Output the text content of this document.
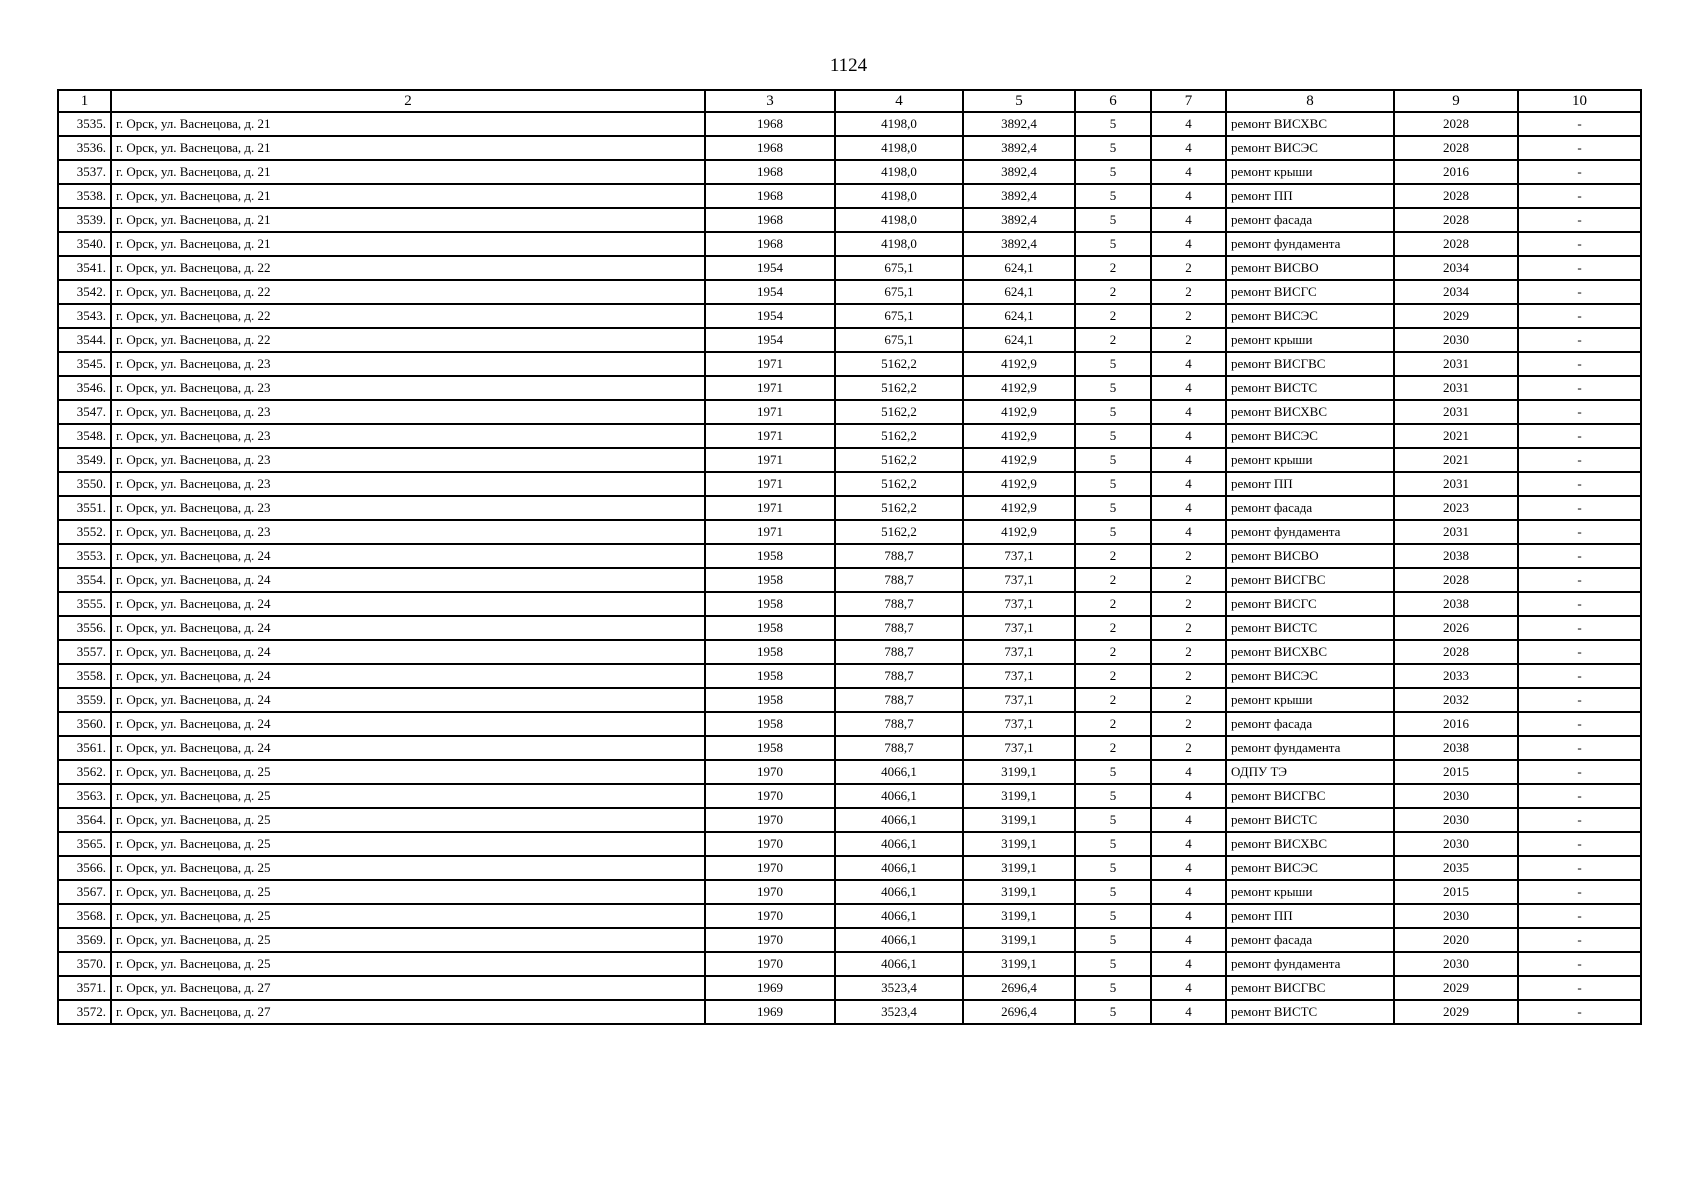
1124
1	2	3	4	5	6	7	8	9	10
3535.	г. Орск, ул. Васнецова, д. 21	1968	4198,0	3892,4	5	4	ремонт ВИСХВС	2028	-
3536.	г. Орск, ул. Васнецова, д. 21	1968	4198,0	3892,4	5	4	ремонт ВИСЭС	2028	-
3537.	г. Орск, ул. Васнецова, д. 21	1968	4198,0	3892,4	5	4	ремонт крыши	2016	-
3538.	г. Орск, ул. Васнецова, д. 21	1968	4198,0	3892,4	5	4	ремонт ПП	2028	-
3539.	г. Орск, ул. Васнецова, д. 21	1968	4198,0	3892,4	5	4	ремонт фасада	2028	-
3540.	г. Орск, ул. Васнецова, д. 21	1968	4198,0	3892,4	5	4	ремонт фундамента	2028	-
3541.	г. Орск, ул. Васнецова, д. 22	1954	675,1	624,1	2	2	ремонт ВИСВО	2034	-
3542.	г. Орск, ул. Васнецова, д. 22	1954	675,1	624,1	2	2	ремонт ВИСГС	2034	-
3543.	г. Орск, ул. Васнецова, д. 22	1954	675,1	624,1	2	2	ремонт ВИСЭС	2029	-
3544.	г. Орск, ул. Васнецова, д. 22	1954	675,1	624,1	2	2	ремонт крыши	2030	-
3545.	г. Орск, ул. Васнецова, д. 23	1971	5162,2	4192,9	5	4	ремонт ВИСГВС	2031	-
3546.	г. Орск, ул. Васнецова, д. 23	1971	5162,2	4192,9	5	4	ремонт ВИСТС	2031	-
3547.	г. Орск, ул. Васнецова, д. 23	1971	5162,2	4192,9	5	4	ремонт ВИСХВС	2031	-
3548.	г. Орск, ул. Васнецова, д. 23	1971	5162,2	4192,9	5	4	ремонт ВИСЭС	2021	-
3549.	г. Орск, ул. Васнецова, д. 23	1971	5162,2	4192,9	5	4	ремонт крыши	2021	-
3550.	г. Орск, ул. Васнецова, д. 23	1971	5162,2	4192,9	5	4	ремонт ПП	2031	-
3551.	г. Орск, ул. Васнецова, д. 23	1971	5162,2	4192,9	5	4	ремонт фасада	2023	-
3552.	г. Орск, ул. Васнецова, д. 23	1971	5162,2	4192,9	5	4	ремонт фундамента	2031	-
3553.	г. Орск, ул. Васнецова, д. 24	1958	788,7	737,1	2	2	ремонт ВИСВО	2038	-
3554.	г. Орск, ул. Васнецова, д. 24	1958	788,7	737,1	2	2	ремонт ВИСГВС	2028	-
3555.	г. Орск, ул. Васнецова, д. 24	1958	788,7	737,1	2	2	ремонт ВИСГС	2038	-
3556.	г. Орск, ул. Васнецова, д. 24	1958	788,7	737,1	2	2	ремонт ВИСТС	2026	-
3557.	г. Орск, ул. Васнецова, д. 24	1958	788,7	737,1	2	2	ремонт ВИСХВС	2028	-
3558.	г. Орск, ул. Васнецова, д. 24	1958	788,7	737,1	2	2	ремонт ВИСЭС	2033	-
3559.	г. Орск, ул. Васнецова, д. 24	1958	788,7	737,1	2	2	ремонт крыши	2032	-
3560.	г. Орск, ул. Васнецова, д. 24	1958	788,7	737,1	2	2	ремонт фасада	2016	-
3561.	г. Орск, ул. Васнецова, д. 24	1958	788,7	737,1	2	2	ремонт фундамента	2038	-
3562.	г. Орск, ул. Васнецова, д. 25	1970	4066,1	3199,1	5	4	ОДПУ ТЭ	2015	-
3563.	г. Орск, ул. Васнецова, д. 25	1970	4066,1	3199,1	5	4	ремонт ВИСГВС	2030	-
3564.	г. Орск, ул. Васнецова, д. 25	1970	4066,1	3199,1	5	4	ремонт ВИСТС	2030	-
3565.	г. Орск, ул. Васнецова, д. 25	1970	4066,1	3199,1	5	4	ремонт ВИСХВС	2030	-
3566.	г. Орск, ул. Васнецова, д. 25	1970	4066,1	3199,1	5	4	ремонт ВИСЭС	2035	-
3567.	г. Орск, ул. Васнецова, д. 25	1970	4066,1	3199,1	5	4	ремонт крыши	2015	-
3568.	г. Орск, ул. Васнецова, д. 25	1970	4066,1	3199,1	5	4	ремонт ПП	2030	-
3569.	г. Орск, ул. Васнецова, д. 25	1970	4066,1	3199,1	5	4	ремонт фасада	2020	-
3570.	г. Орск, ул. Васнецова, д. 25	1970	4066,1	3199,1	5	4	ремонт фундамента	2030	-
3571.	г. Орск, ул. Васнецова, д. 27	1969	3523,4	2696,4	5	4	ремонт ВИСГВС	2029	-
3572.	г. Орск, ул. Васнецова, д. 27	1969	3523,4	2696,4	5	4	ремонт ВИСТС	2029	-
